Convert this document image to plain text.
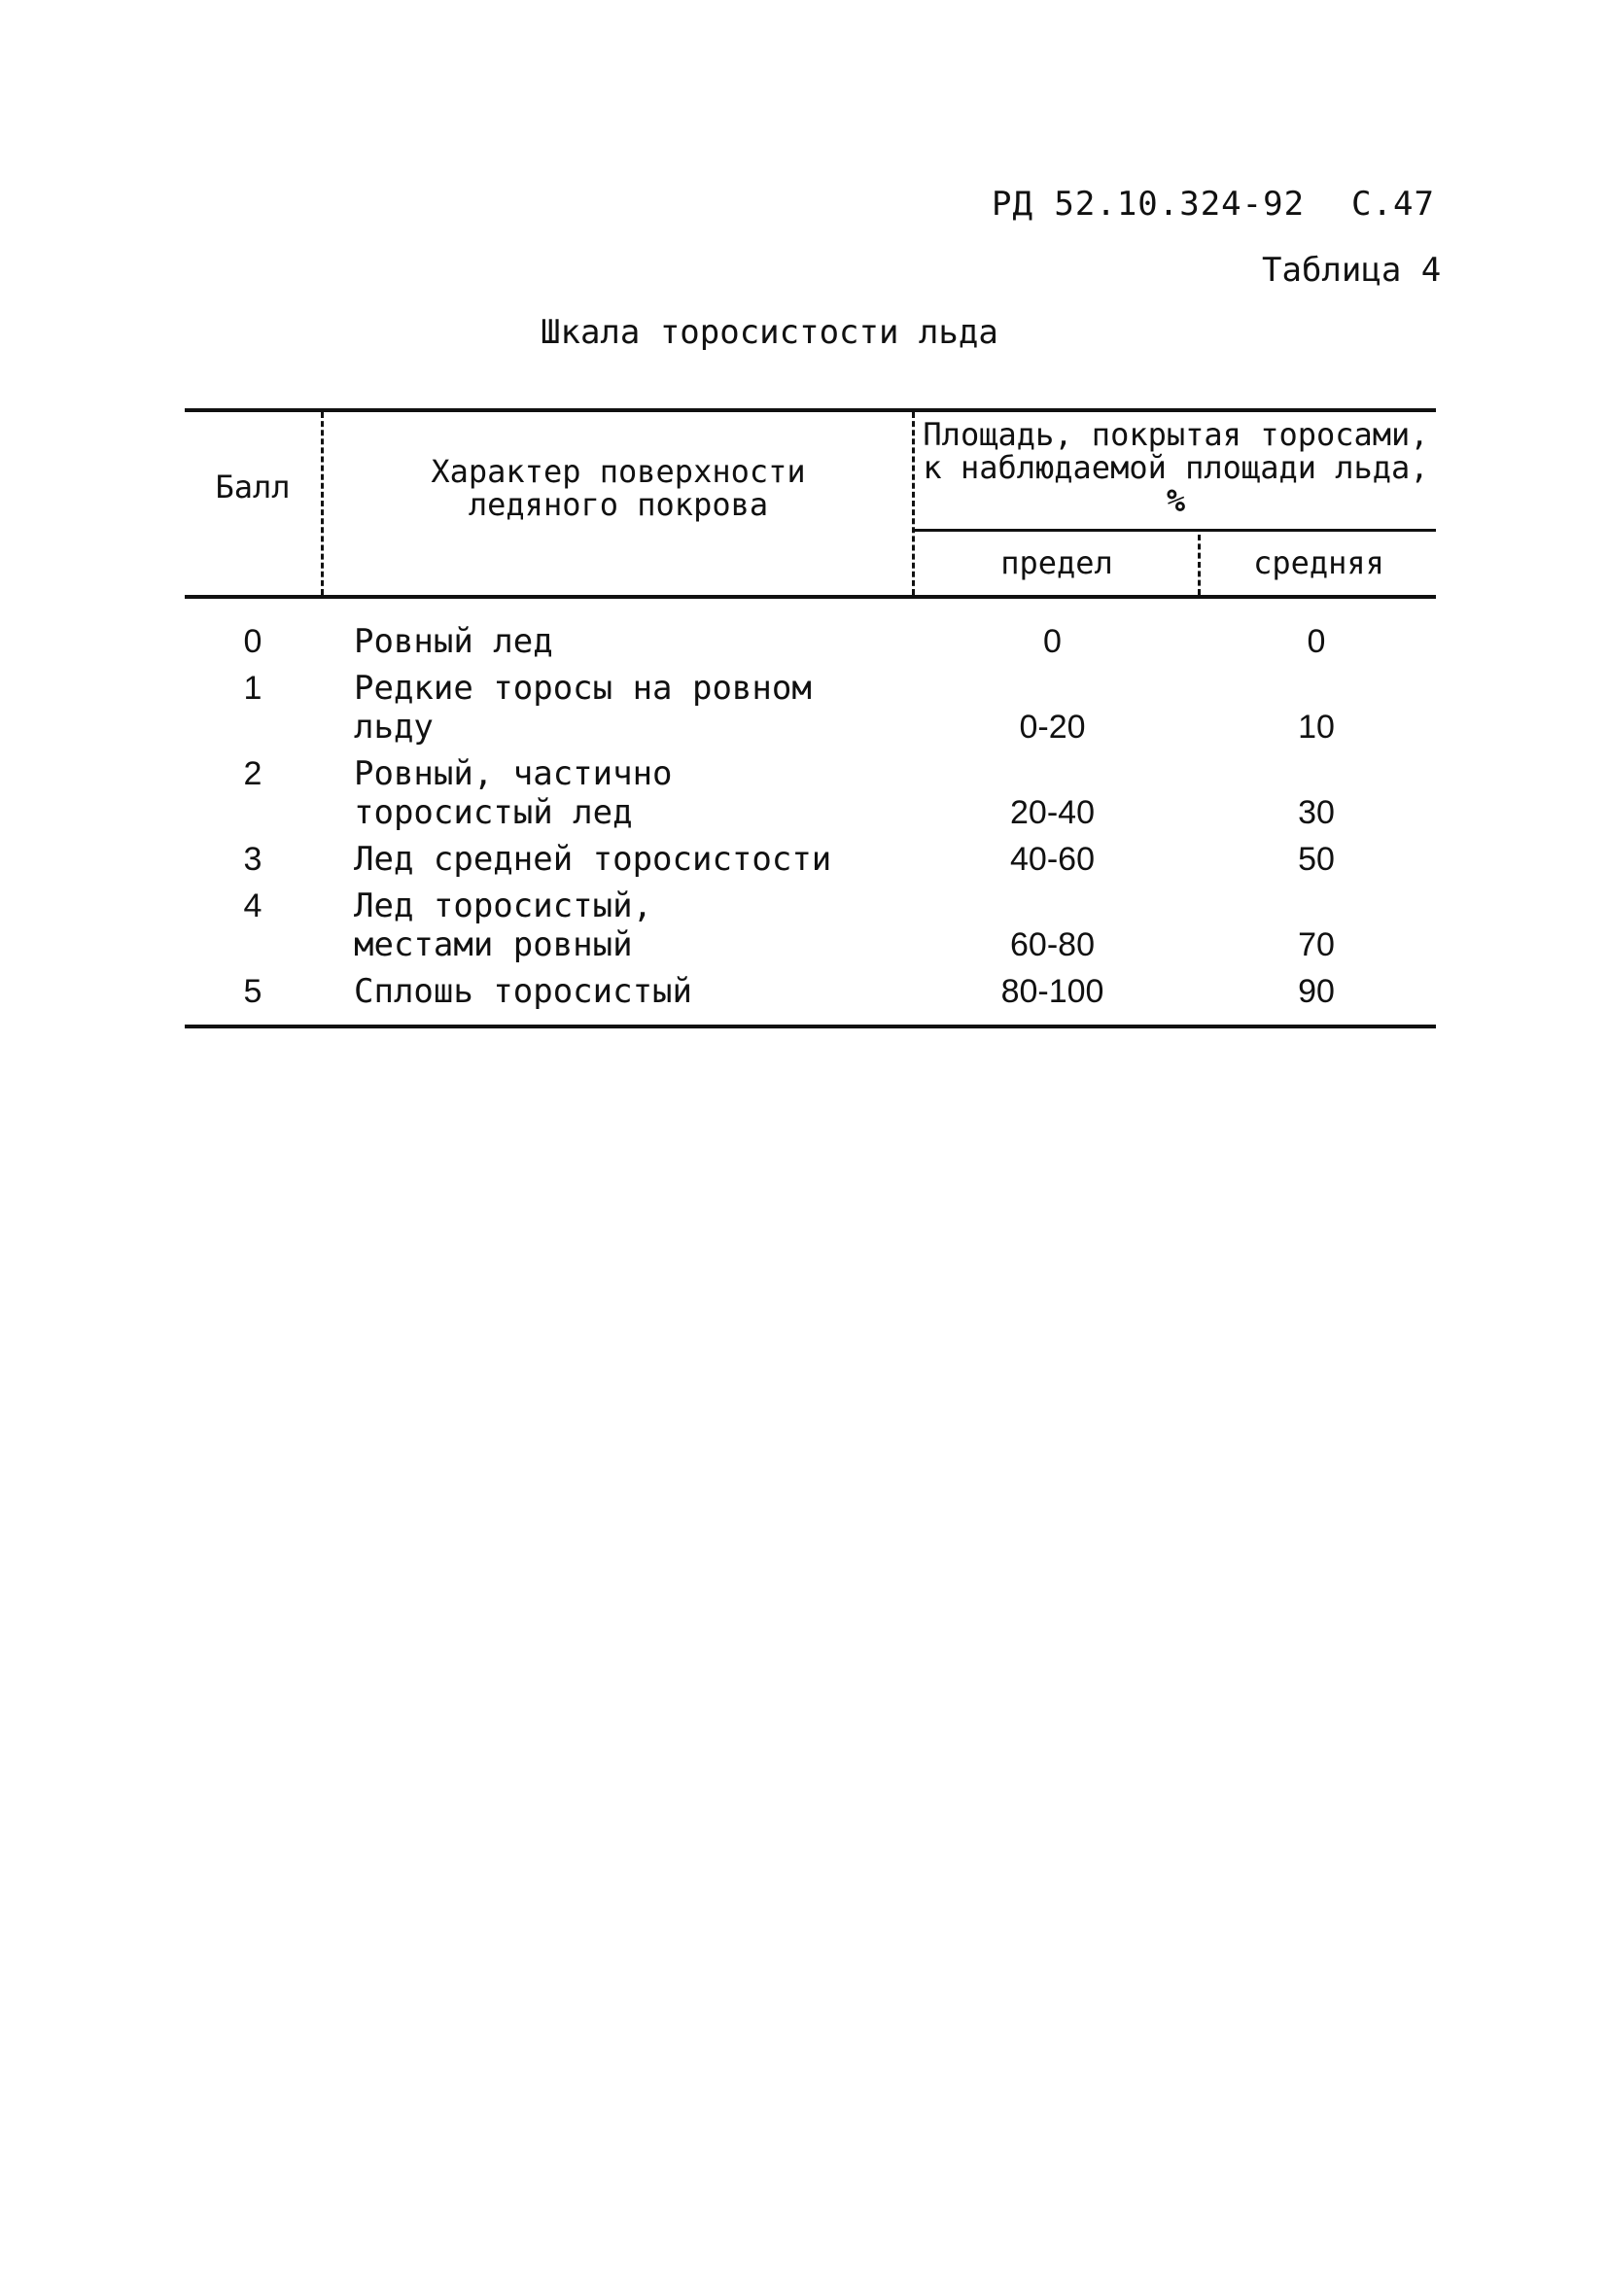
РД 52.10.324-92 С.47
Таблица 4
Шкала торосистости льда
Балл	Характер поверхности ледяного покрова
Площадь, покрытая торосами, к наблюдаемой площади льда,
%
предел	средняя
0	Ровный лед	0	0
1	Редкие торосы на ровном льду	0-20	10
2	Ровный, частично торосистый лед	20-40	30
3	Лед средней торосистости	40-60	50
4	Лед торосистый, местами ровный	60-80	70
5	Сплошь торосистый	80-100	90
